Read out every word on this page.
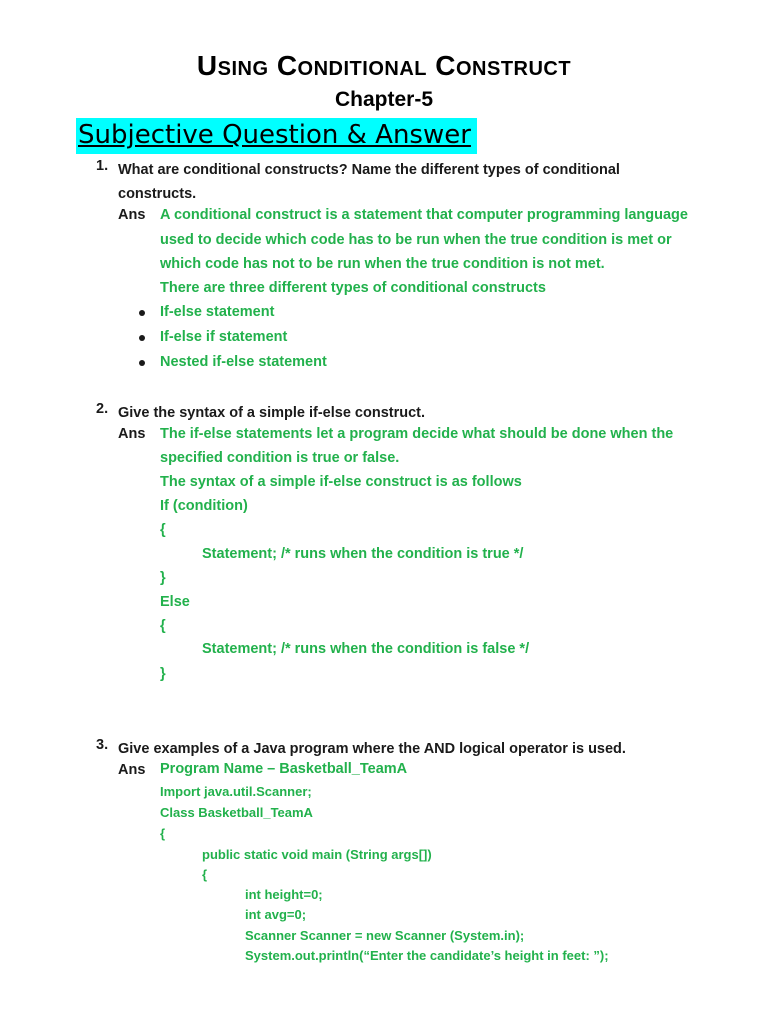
Using Conditional Construct
Chapter-5
Subjective Question & Answer
1. What are conditional constructs? Name the different types of conditional
constructs.
Ans A conditional construct is a statement that computer programming language
used to decide which code has to be run when the true condition is met or
which code has not to be run when the true condition is not met.
There are three different types of conditional constructs
If-else statement
If-else if statement
Nested if-else statement
2. Give the syntax of a simple if-else construct.
Ans The if-else statements let a program decide what should be done when the
specified condition is true or false.
The syntax of a simple if-else construct is as follows
If (condition)
{
Statement; /* runs when the condition is true */
}
Else
{
Statement; /* runs when the condition is false */
}
3. Give examples of a Java program where the AND logical operator is used.
Ans Program Name – Basketball_TeamA
Import java.util.Scanner;
Class Basketball_TeamA
{
public static void main (String args[])
{
int height=0;
int avg=0;
Scanner Scanner = new Scanner (System.in);
System.out.println(“Enter the candidate’s height in feet: ”);
